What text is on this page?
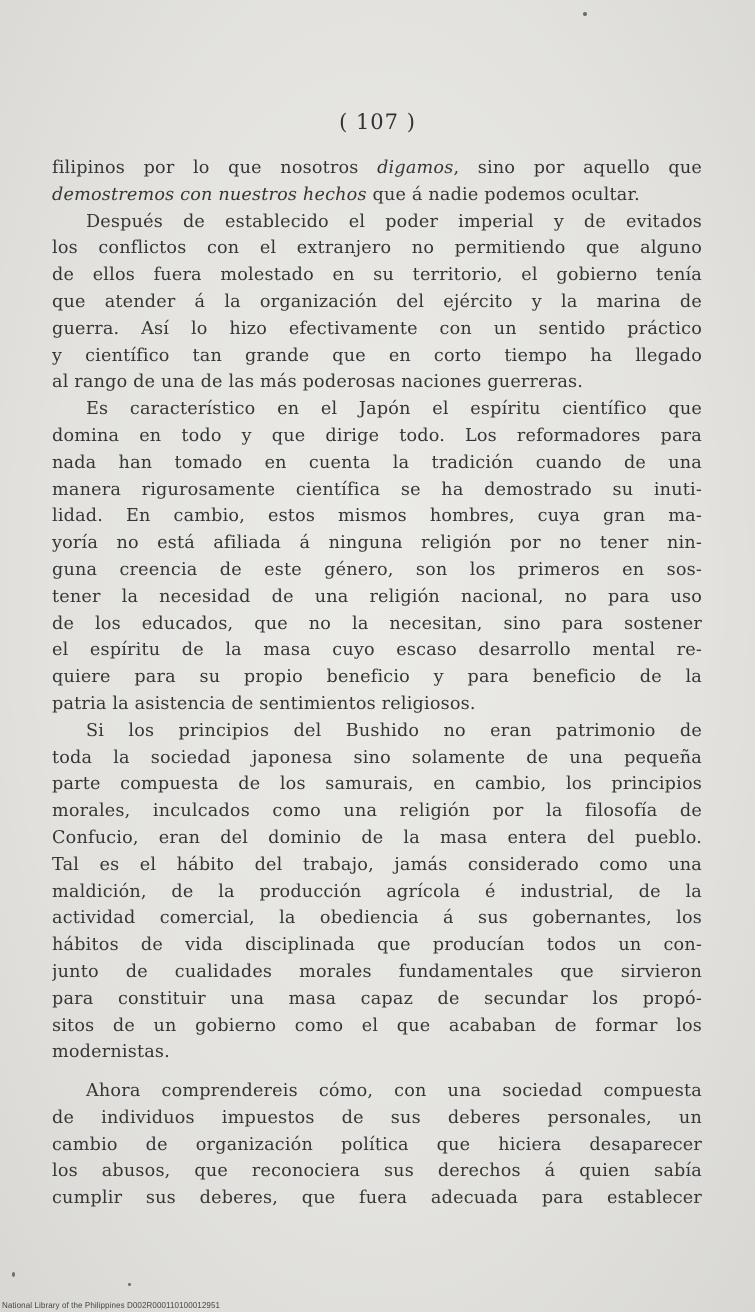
( 107 )
filipinos por lo que nosotros digamos, sino por aquello que
demostremos con nuestros hechos que á nadie podemos ocultar.
Después de establecido el poder imperial y de evitados
los conflictos con el extranjero no permitiendo que alguno
de ellos fuera molestado en su territorio, el gobierno tenía
que atender á la organización del ejército y la marina de
guerra. Así lo hizo efectivamente con un sentido práctico
y científico tan grande que en corto tiempo ha llegado
al rango de una de las más poderosas naciones guerreras.
Es característico en el Japón el espíritu científico que
domina en todo y que dirige todo. Los reformadores para
nada han tomado en cuenta la tradición cuando de una
manera rigurosamente científica se ha demostrado su inuti-
lidad. En cambio, estos mismos hombres, cuya gran ma-
yoría no está afiliada á ninguna religión por no tener nin-
guna creencia de este género, son los primeros en sos-
tener la necesidad de una religión nacional, no para uso
de los educados, que no la necesitan, sino para sostener
el espíritu de la masa cuyo escaso desarrollo mental re-
quiere para su propio beneficio y para beneficio de la
patria la asistencia de sentimientos religiosos.
Si los principios del Bushido no eran patrimonio de
toda la sociedad japonesa sino solamente de una pequeña
parte compuesta de los samurais, en cambio, los principios
morales, inculcados como una religión por la filosofía de
Confucio, eran del dominio de la masa entera del pueblo.
Tal es el hábito del trabajo, jamás considerado como una
maldición, de la producción agrícola é industrial, de la
actividad comercial, la obediencia á sus gobernantes, los
hábitos de vida disciplinada que producían todos un con-
junto de cualidades morales fundamentales que sirvieron
para constituir una masa capaz de secundar los propó-
sitos de un gobierno como el que acababan de formar los
modernistas.
Ahora comprendereis cómo, con una sociedad compuesta
de individuos impuestos de sus deberes personales, un
cambio de organización política que hiciera desaparecer
los abusos, que reconociera sus derechos á quien sabía
cumplir sus deberes, que fuera adecuada para establecer
National Library of the Philippines D002R000110100012951
